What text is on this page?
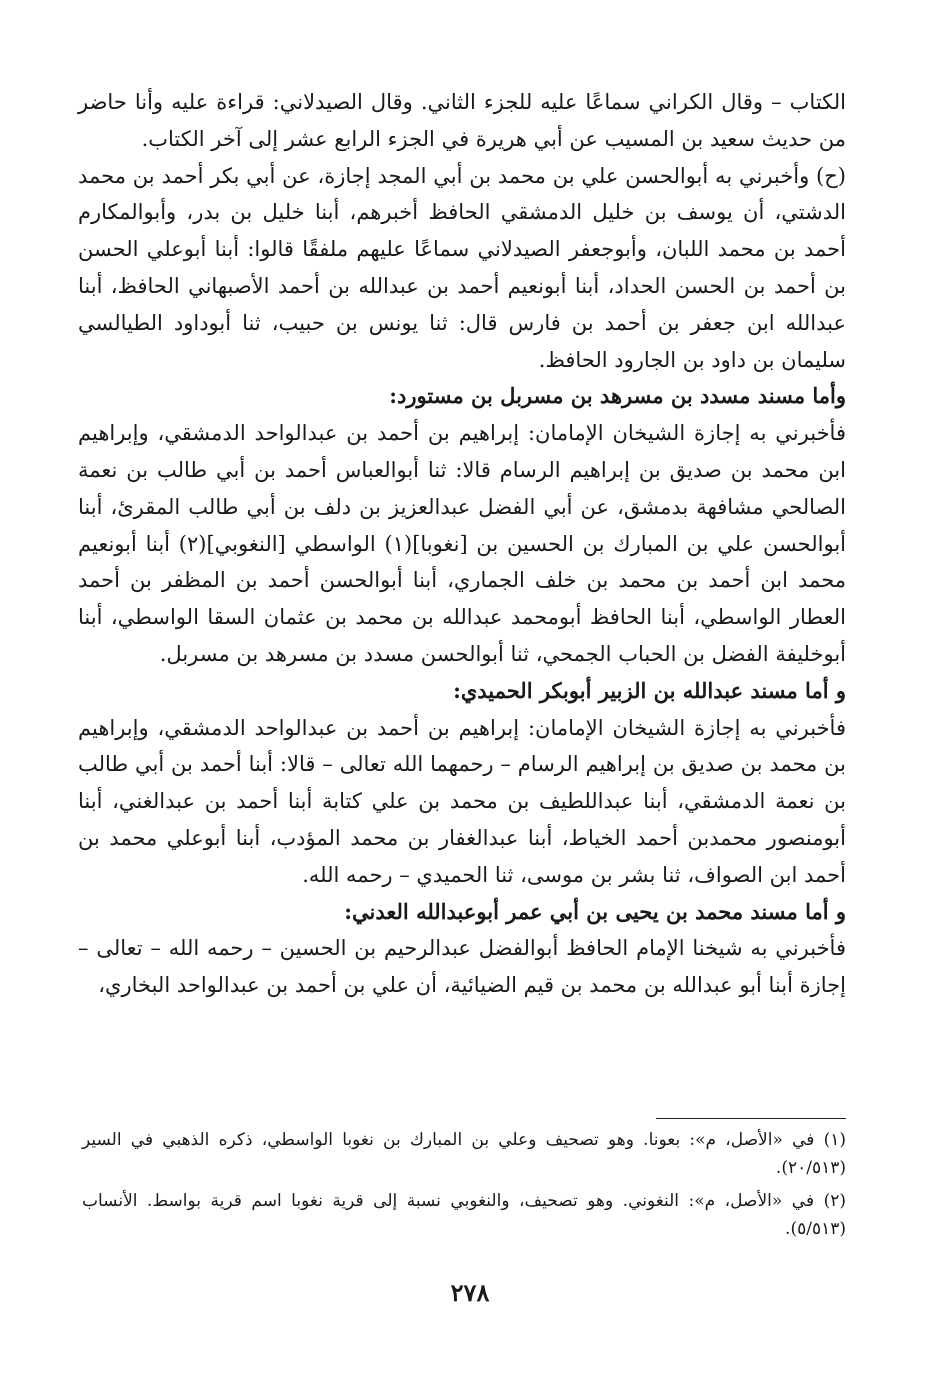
الكتاب – وقال الكراني سماعًا عليه للجزء الثاني. وقال الصيدلاني: قراءة عليه وأنا حاضر من حديث سعيد بن المسيب عن أبي هريرة في الجزء الرابع عشر إلى آخر الكتاب.

(ح) وأخبرني به أبوالحسن علي بن محمد بن أبي المجد إجازة، عن أبي بكر أحمد بن محمد الدشتي، أن يوسف بن خليل الدمشقي الحافظ أخبرهم، أبنا خليل بن بدر، وأبوالمكارم أحمد بن محمد اللبان، وأبوجعفر الصيدلاني سماعًا عليهم ملفقًا قالوا: أبنا أبوعلي الحسن بن أحمد بن الحسن الحداد، أبنا أبونعيم أحمد بن عبدالله بن أحمد الأصبهاني الحافظ، أبنا عبدالله ابن جعفر بن أحمد بن فارس قال: ثنا يونس بن حبيب، ثنا أبوداود الطيالسي سليمان بن داود بن الجارود الحافظ.

وأما مسند مسدد بن مسرهد بن مسربل بن مستورد:

فأخبرني به إجازة الشيخان الإمامان: إبراهيم بن أحمد بن عبدالواحد الدمشقي، وإبراهيم ابن محمد بن صديق بن إبراهيم الرسام قالا: ثنا أبوالعباس أحمد بن أبي طالب بن نعمة الصالحي مشافهة بدمشق، عن أبي الفضل عبدالعزيز بن دلف بن أبي طالب المقرئ، أبنا أبوالحسن علي بن المبارك بن الحسين بن [نغوبا](١) الواسطي [النغوبي](٢) أبنا أبونعيم محمد ابن أحمد بن محمد بن خلف الجماري، أبنا أبوالحسن أحمد بن المظفر بن أحمد العطار الواسطي، أبنا الحافظ أبومحمد عبدالله بن محمد بن عثمان السقا الواسطي، أبنا أبوخليفة الفضل بن الحباب الجمحي، ثنا أبوالحسن مسدد بن مسرهد بن مسربل.

و أما مسند عبدالله بن الزبير أبوبكر الحميدي:

فأخبرني به إجازة الشيخان الإمامان: إبراهيم بن أحمد بن عبدالواحد الدمشقي، وإبراهيم بن محمد بن صديق بن إبراهيم الرسام – رحمهما الله تعالى – قالا: أبنا أحمد بن أبي طالب بن نعمة الدمشقي، أبنا عبداللطيف بن محمد بن علي كتابة أبنا أحمد بن عبدالغني، أبنا أبومنصور محمدبن أحمد الخياط، أبنا عبدالغفار بن محمد المؤدب، أبنا أبوعلي محمد بن أحمد ابن الصواف، ثنا بشر بن موسى، ثنا الحميدي – رحمه الله.

و أما مسند محمد بن يحيى بن أبي عمر أبوعبدالله العدني:

فأخبرني به شيخنا الإمام الحافظ أبوالفضل عبدالرحيم بن الحسين – رحمه الله – تعالى – إجازة أبنا أبو عبدالله بن محمد بن قيم الضيائية، أن علي بن أحمد بن عبدالواحد البخاري،

(١) في «الأصل، م»: بعونا. وهو تصحيف وعلي بن المبارك بن نغوبا الواسطي، ذكره الذهبي في السير (٢٠/٥١٣).

(٢) في «الأصل، م»: النغوني. وهو تصحيف، والنغوبي نسبة إلى قرية نغوبا اسم قرية بواسط. الأنساب (٥/٥١٣).

٢٧٨
